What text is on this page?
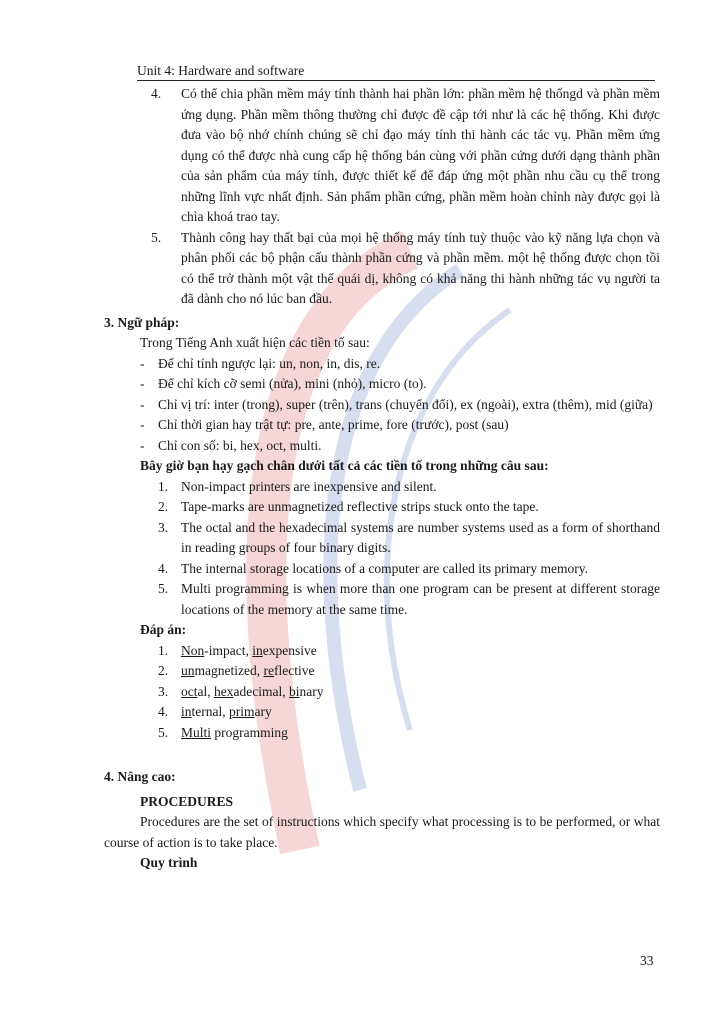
Unit 4: Hardware and software
4. Có thể chia phần mềm máy tính thành hai phần lớn: phần mềm hệ thốngd và phần mềm ứng dụng. Phần mềm thông thường chỉ được đề cập tới như là các hệ thống. Khi được đưa vào bộ nhớ chính chúng sẽ chỉ đạo máy tính thi hành các tác vụ. Phần mềm ứng dụng có thể được nhà cung cấp hệ thống bán cùng với phần cứng dưới dạng thành phần của sản phẩm của máy tính, được thiết kế để đáp ứng một phần nhu cầu cụ thể trong những lĩnh vực nhất định. Sản phẩm phần cứng, phần mềm hoàn chỉnh này được gọi là chìa khoá trao tay.
5. Thành công hay thất bại của mọi hệ thống máy tính tuỳ thuộc vào kỹ năng lựa chọn và phân phối các bộ phận cấu thành phần cứng và phần mềm. một hệ thống được chọn tồi có thể trở thành một vật thể quái dị, không có khả năng thi hành những tác vụ người ta đã dành cho nó lúc ban đầu.
3. Ngữ pháp:
Trong Tiếng Anh xuất hiện các tiền tố sau:
- Để chỉ tính ngược lại: un, non, in, dis, re.
- Để chỉ kích cỡ semi (nửa), mini (nhỏ), micro (to).
- Chỉ vị trí: inter (trong), super (trên), trans (chuyển đổi), ex (ngoài), extra (thêm), mid (giữa)
- Chỉ thời gian hay trật tự: pre, ante, prime, fore (trước), post (sau)
- Chỉ con số: bi, hex, oct, multi.
Bây giờ bạn hạy gạch chân dưới tất cả các tiền tố trong những câu sau:
1. Non-impact printers are inexpensive and silent.
2. Tape-marks are unmagnetized reflective strips stuck onto the tape.
3. The octal and the hexadecimal systems are number systems used as a form of shorthand in reading groups of four binary digits.
4. The internal storage locations of a computer are called its primary memory.
5. Multi programming is when more than one program can be present at different storage locations of the memory at the same time.
Đáp án:
1. Non-impact, inexpensive
2. unmagnetized, reflective
3. octal, hexadecimal, binary
4. internal, primary
5. Multi programming
4. Nâng cao:
PROCEDURES
Procedures are the set of instructions which specify what processing is to be performed, or what course of action is to take place.
Quy trình
33
